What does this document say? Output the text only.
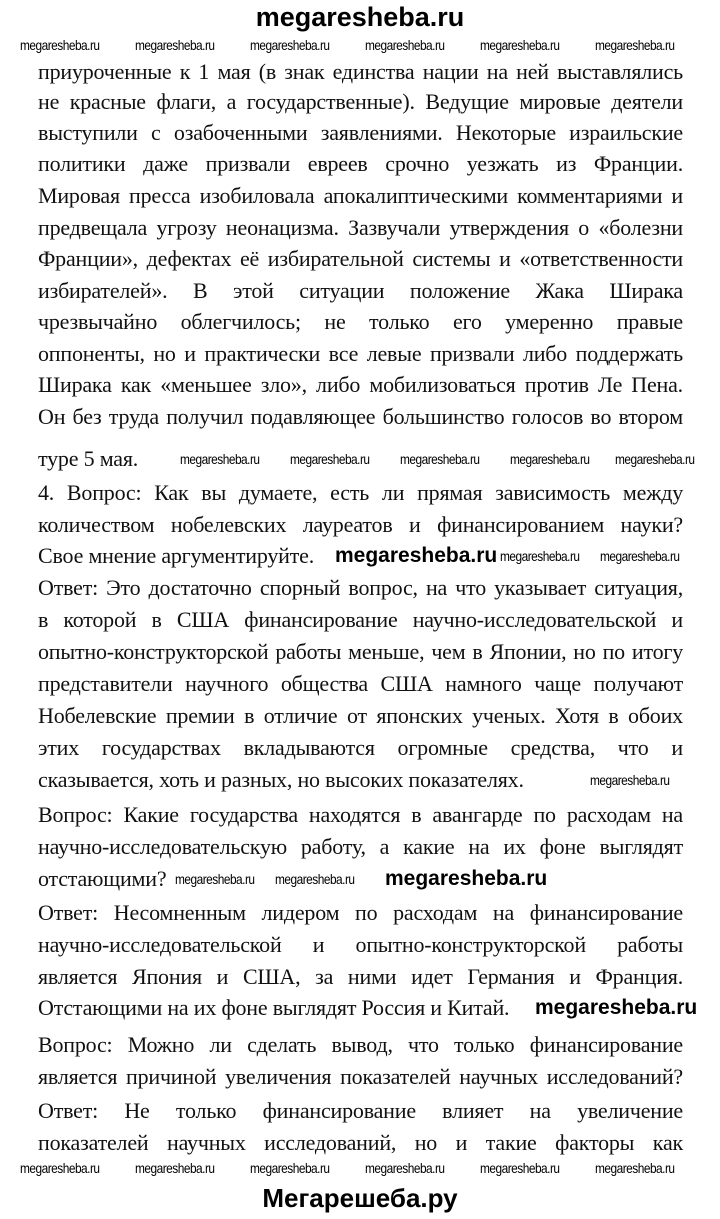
megaresheba.ru
приуроченные к 1 мая (в знак единства нации на ней выставлялись
не красные флаги, а государственные). Ведущие мировые деятели
выступили с озабоченными заявлениями. Некоторые израильские
политики даже призвали евреев срочно уезжать из Франции.
Мировая пресса изобиловала апокалиптическими комментариями и
предвещала угрозу неонацизма. Зазвучали утверждения о «болезни
Франции», дефектах её избирательной системы и «ответственности
избирателей». В этой ситуации положение Жака Ширака
чрезвычайно облегчилось; не только его умеренно правые
оппоненты, но и практически все левые призвали либо поддержать
Ширака как «меньшее зло», либо мобилизоваться против Ле Пена.
Он без труда получил подавляющее большинство голосов во втором
туре 5 мая.
4. Вопрос: Как вы думаете, есть ли прямая зависимость между
количеством нобелевских лауреатов и финансированием науки?
Свое мнение аргументируйте.
Ответ: Это достаточно спорный вопрос, на что указывает ситуация,
в которой в США финансирование научно-исследовательской и
опытно-конструкторской работы меньше, чем в Японии, но по итогу
представители научного общества США намного чаще получают
Нобелевские премии в отличие от японских ученых. Хотя в обоих
этих государствах вкладываются огромные средства, что и
сказывается, хоть и разных, но высоких показателях.
Вопрос: Какие государства находятся в авангарде по расходам на
научно-исследовательскую работу, а какие на их фоне выглядят
отстающими?
Ответ: Несомненным лидером по расходам на финансирование
научно-исследовательской и опытно-конструкторской работы
является Япония и США, за ними идет Германия и Франция.
Отстающими на их фоне выглядят Россия и Китай.
Вопрос: Можно ли сделать вывод, что только финансирование
является причиной увеличения показателей научных исследований?
Ответ: Не только финансирование влияет на увеличение
показателей научных исследований, но и такие факторы как
megaresheba.ru	megaresheba.ru	megaresheba.ru	megaresheba.ru	megaresheba.ru	megaresheba.ru
megaresheba.ru megaresheba.ru megaresheba.ru megaresheba.ru megaresheba.ru
megaresheba.ru megaresheba.ru
megaresheba.ru
megaresheba.ru megaresheba.ru
megaresheba.ru	megaresheba.ru	megaresheba.ru	megaresheba.ru	megaresheba.ru	megaresheba.ru
megaresheba.ru
megaresheba.ru
megaresheba.ru
Мегарешеба.ру
